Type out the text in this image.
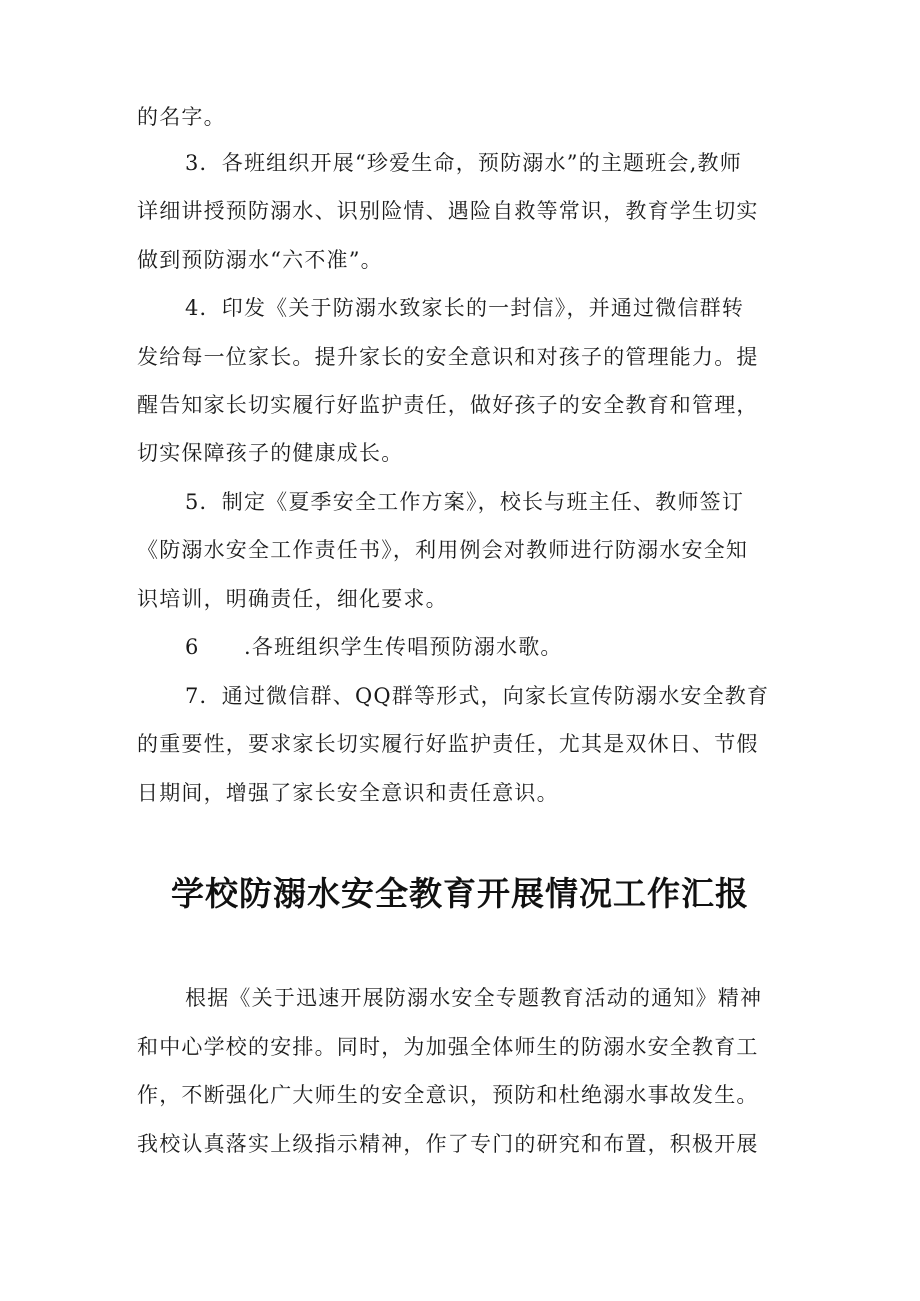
的名字。
3．各班组织开展“珍爱生命，预防溺水”的主题班会,教师
详细讲授预防溺水、识别险情、遇险自救等常识，教育学生切实
做到预防溺水“六不准”。
4．印发《关于防溺水致家长的一封信》，并通过微信群转
发给每一位家长。提升家长的安全意识和对孩子的管理能力。提
醒告知家长切实履行好监护责任，做好孩子的安全教育和管理，
切实保障孩子的健康成长。
5．制定《夏季安全工作方案》，校长与班主任、教师签订
《防溺水安全工作责任书》，利用例会对教师进行防溺水安全知
识培训，明确责任，细化要求。
6　　.各班组织学生传唱预防溺水歌。
7．通过微信群、QQ群等形式，向家长宣传防溺水安全教育
的重要性，要求家长切实履行好监护责任，尤其是双休日、节假
日期间，增强了家长安全意识和责任意识。
学校防溺水安全教育开展情况工作汇报
根据《关于迅速开展防溺水安全专题教育活动的通知》精神
和中心学校的安排。同时，为加强全体师生的防溺水安全教育工
作，不断强化广大师生的安全意识，预防和杜绝溺水事故发生。
我校认真落实上级指示精神，作了专门的研究和布置，积极开展
